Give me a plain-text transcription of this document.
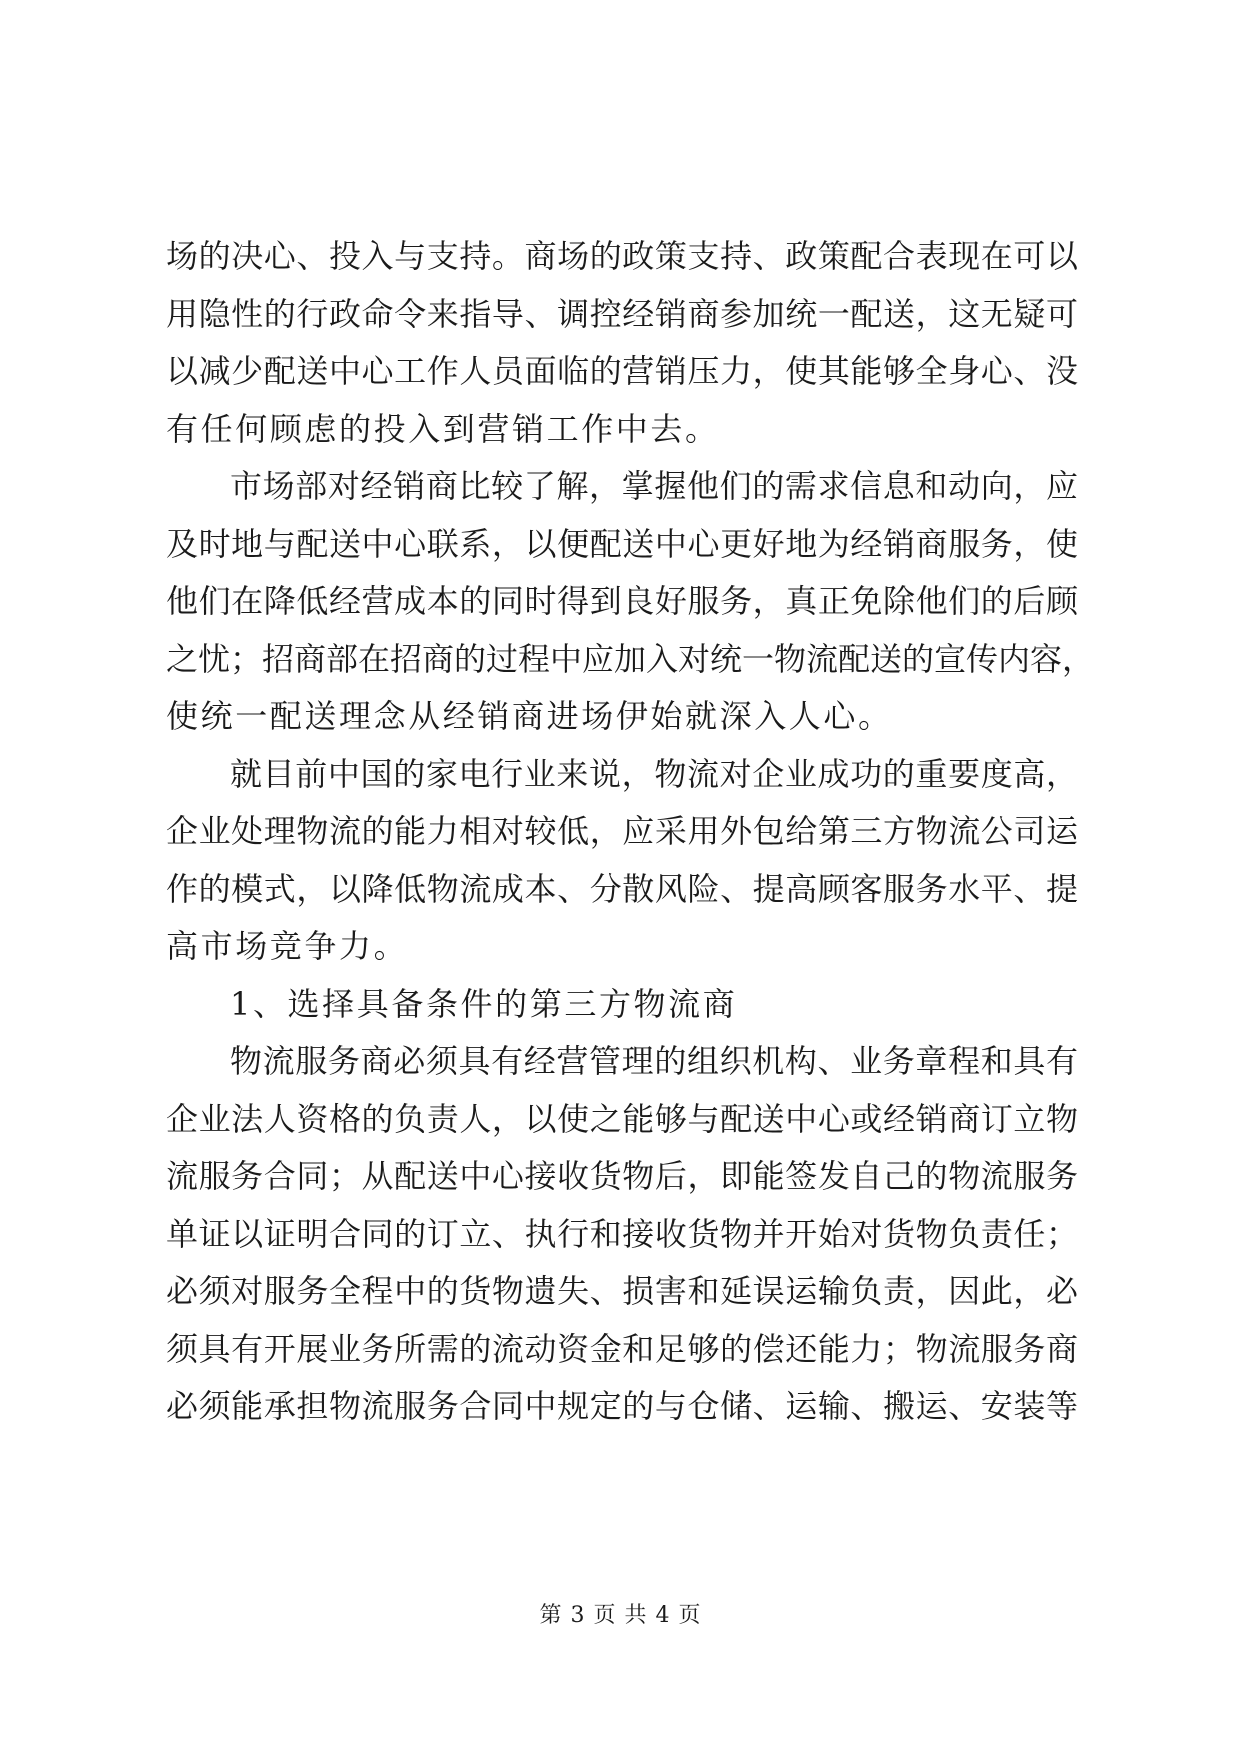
场的决心、投入与支持。商场的政策支持、政策配合表现在可以
用隐性的行政命令来指导、调控经销商参加统一配送，这无疑可
以减少配送中心工作人员面临的营销压力，使其能够全身心、没
有任何顾虑的投入到营销工作中去。
市场部对经销商比较了解，掌握他们的需求信息和动向，应
及时地与配送中心联系，以便配送中心更好地为经销商服务，使
他们在降低经营成本的同时得到良好服务，真正免除他们的后顾
之忧；招商部在招商的过程中应加入对统一物流配送的宣传内容，
使统一配送理念从经销商进场伊始就深入人心。
就目前中国的家电行业来说，物流对企业成功的重要度高，
企业处理物流的能力相对较低，应采用外包给第三方物流公司运
作的模式，以降低物流成本、分散风险、提高顾客服务水平、提
高市场竞争力。
1、选择具备条件的第三方物流商
物流服务商必须具有经营管理的组织机构、业务章程和具有
企业法人资格的负责人，以使之能够与配送中心或经销商订立物
流服务合同；从配送中心接收货物后，即能签发自己的物流服务
单证以证明合同的订立、执行和接收货物并开始对货物负责任；
必须对服务全程中的货物遗失、损害和延误运输负责，因此，必
须具有开展业务所需的流动资金和足够的偿还能力；物流服务商
必须能承担物流服务合同中规定的与仓储、运输、搬运、安装等
第 3 页 共 4 页
